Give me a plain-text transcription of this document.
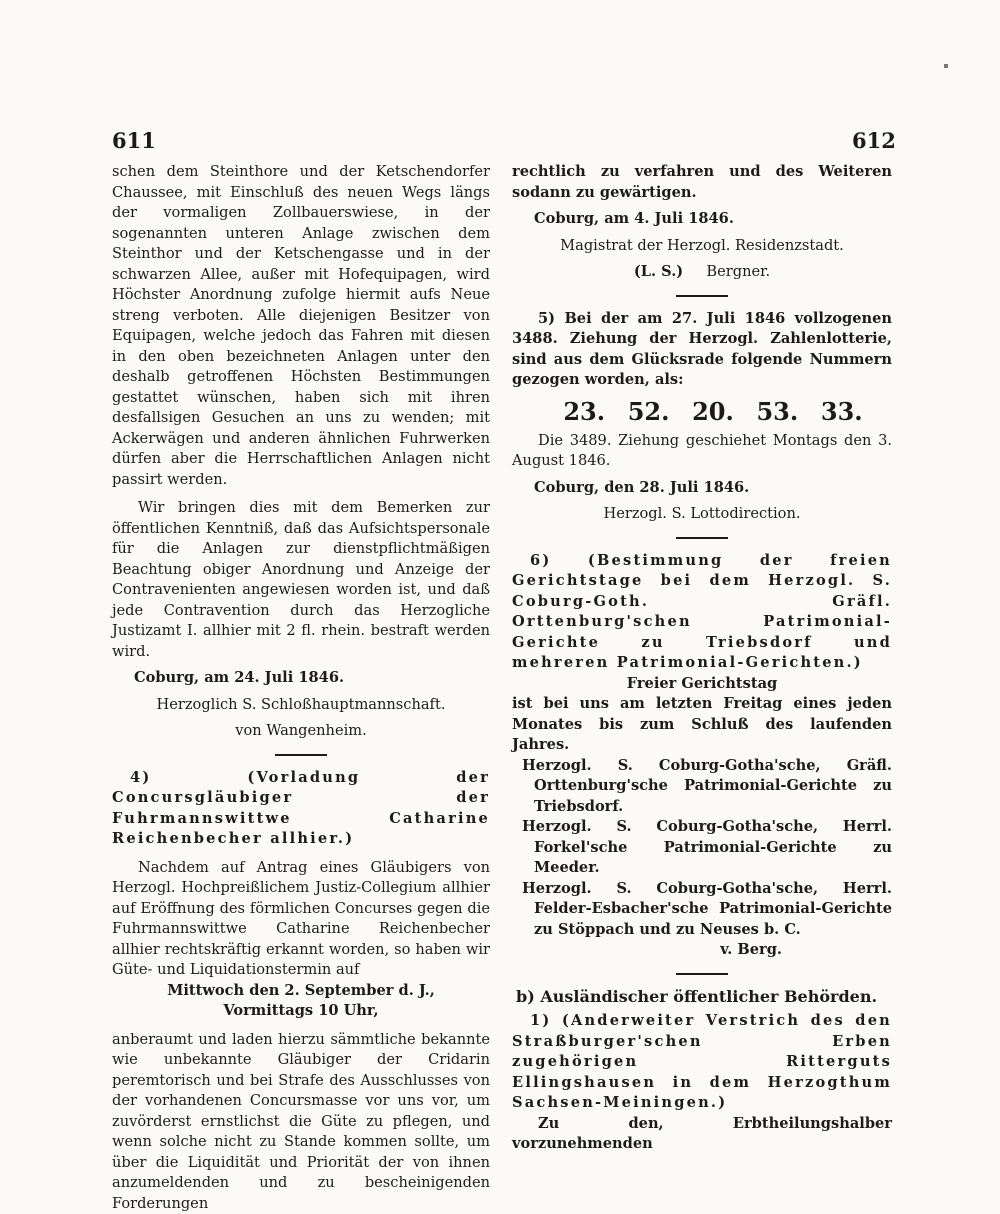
611	612

schen dem Steinthore und der Ketschendorfer Chaussee, mit Einschluß des neuen Wegs längs der vormaligen Zollbauerswiese, in der sogenannten unteren Anlage zwischen dem Steinthor und der Ketschengasse und in der schwarzen Allee, außer mit Hofequipagen, wird Höchster Anordnung zufolge hiermit aufs Neue streng verboten. Alle diejenigen Besitzer von Equipagen, welche jedoch das Fahren mit diesen in den oben bezeichneten Anlagen unter den deshalb getroffenen Höchsten Bestimmungen gestattet wünschen, haben sich mit ihren desfallsigen Gesuchen an uns zu wenden; mit Ackerwägen und anderen ähnlichen Fuhrwerken dürfen aber die Herrschaftlichen Anlagen nicht passirt werden.

Wir bringen dies mit dem Bemerken zur öffentlichen Kenntniß, daß das Aufsichtspersonale für die Anlagen zur dienstpflichtmäßigen Beachtung obiger Anordnung und Anzeige der Contravenienten angewiesen worden ist, und daß jede Contravention durch das Herzogliche Justizamt I. allhier mit 2 fl. rhein. bestraft werden wird.

Coburg, am 24. Juli 1846.

Herzoglich S. Schloßhauptmannschaft.

von Wangenheim.

4) (Vorladung der Concursgläubiger der Fuhrmannswittwe Catharine Reichenbecher allhier.)

Nachdem auf Antrag eines Gläubigers von Herzogl. Hochpreißlichem Justiz-Collegium allhier auf Eröffnung des förmlichen Concurses gegen die Fuhrmannswittwe Catharine Reichenbecher allhier rechtskräftig erkannt worden, so haben wir Güte- und Liquidationstermin auf

Mittwoch den 2. September d. J.,

Vormittags 10 Uhr,

anberaumt und laden hierzu sämmtliche bekannte wie unbekannte Gläubiger der Cridarin peremtorisch und bei Strafe des Ausschlusses von der vorhandenen Concursmasse vor uns vor, um zuvörderst ernstlichst die Güte zu pflegen, und wenn solche nicht zu Stande kommen sollte, um über die Liquidität und Priorität der von ihnen anzumeldenden und zu bescheinigenden Forderungen

rechtlich zu verfahren und des Weiteren sodann zu gewärtigen.

Coburg, am 4. Juli 1846.

Magistrat der Herzogl. Residenzstadt.

(L. S.) Bergner.

5) Bei der am 27. Juli 1846 vollzogenen 3488. Ziehung der Herzogl. Zahlenlotterie, sind aus dem Glücksrade folgende Nummern gezogen worden, als:

23. 52. 20. 53. 33.

Die 3489. Ziehung geschiehet Montags den 3. August 1846.

Coburg, den 28. Juli 1846.

Herzogl. S. Lottodirection.

6) (Bestimmung der freien Gerichtstage bei dem Herzogl. S. Coburg-Goth. Gräfl. Orttenburg'schen Patrimonial-Gerichte zu Triebsdorf und mehreren Patrimonial-Gerichten.)

Freier Gerichtstag

ist bei uns am letzten Freitag eines jeden Monates bis zum Schluß des laufenden Jahres.

Herzogl. S. Coburg-Gotha'sche, Gräfl. Orttenburg'sche Patrimonial-Gerichte zu Triebsdorf.

Herzogl. S. Coburg-Gotha'sche, Herrl. Forkel'sche Patrimonial-Gerichte zu Meeder.

Herzogl. S. Coburg-Gotha'sche, Herrl. Felder-Esbacher'sche Patrimonial-Gerichte zu Stöppach und zu Neuses b. C.

v. Berg.

b) Ausländischer öffentlicher Behörden.

1) (Anderweiter Verstrich des den Straßburger'schen Erben zugehörigen Ritterguts Ellingshausen in dem Herzogthum Sachsen-Meiningen.)

Zu den, Erbtheilungshalber vorzunehmenden
